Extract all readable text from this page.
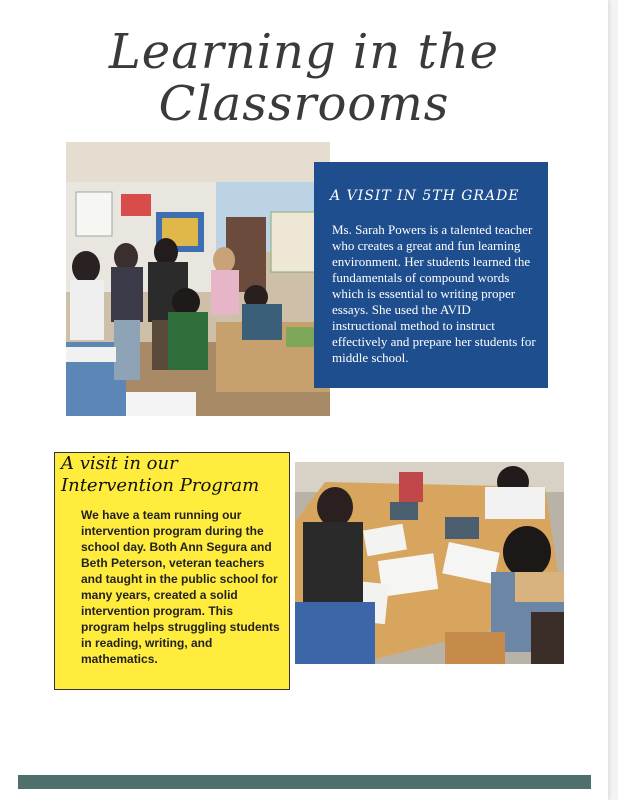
Learning in the
Classrooms
A VISIT IN 5TH GRADE
Ms. Sarah Powers is a talented teacher who creates a great and fun learning environment. Her students learned the fundamentals of compound words which is essential to writing proper essays. She used the AVID instructional method to instruct effectively and prepare her students for middle school.
A visit in our
Intervention Program
We have a team running our intervention program during the school day. Both Ann Segura and Beth Peterson, veteran teachers and taught in the public school for many years, created a solid intervention program. This program helps struggling students in reading, writing, and mathematics.
